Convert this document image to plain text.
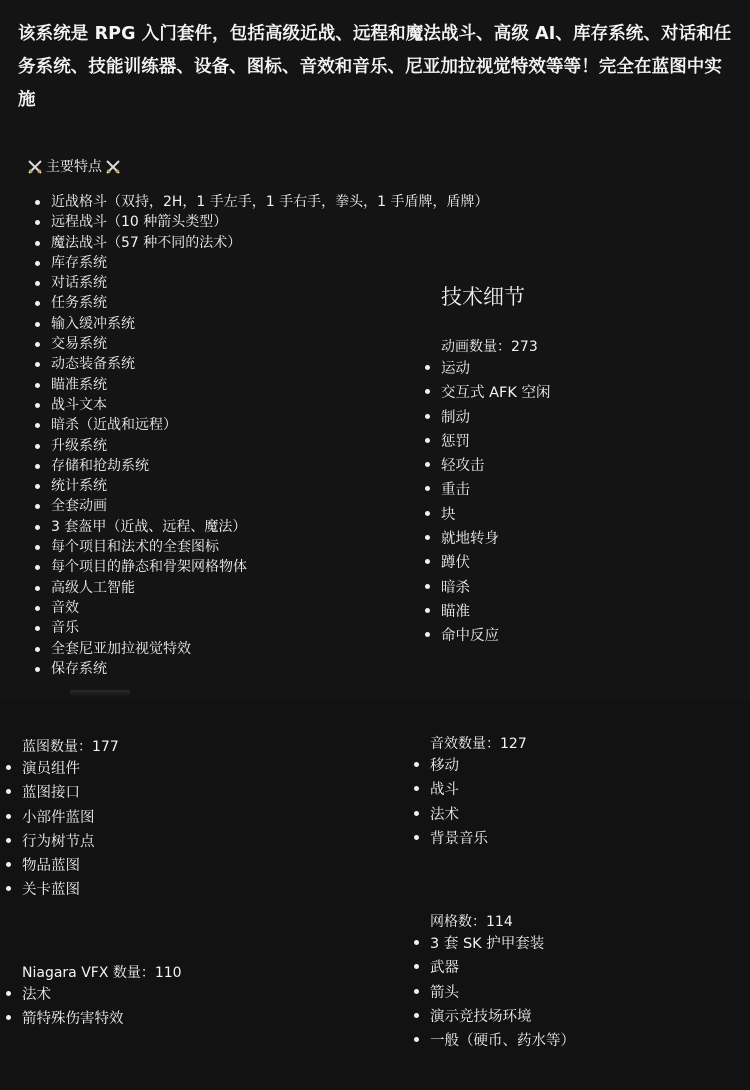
该系统是 RPG 入门套件，包括高级近战、远程和魔法战斗、高级 AI、库存系统、对话和任务系统、技能训练器、设备、图标、音效和音乐、尼亚加拉视觉特效等等！完全在蓝图中实施
主要特点
近战格斗（双持，2H，1 手左手，1 手右手，拳头，1 手盾牌，盾牌）
远程战斗（10 种箭头类型）
魔法战斗（57 种不同的法术）
库存系统
对话系统
任务系统
输入缓冲系统
交易系统
动态装备系统
瞄准系统
战斗文本
暗杀（近战和远程）
升级系统
存储和抢劫系统
统计系统
全套动画
3 套盔甲（近战、远程、魔法）
每个项目和法术的全套图标
每个项目的静态和骨架网格物体
高级人工智能
音效
音乐
全套尼亚加拉视觉特效
保存系统
技术细节

动画数量：273

运动
交互式 AFK 空闲
制动
惩罚
轻攻击
重击
块
就地转身
蹲伏
暗杀
瞄准
命中反应

蓝图数量：177

演员组件
蓝图接口
小部件蓝图
行为树节点
物品蓝图
关卡蓝图

音效数量：127

移动
战斗
法术
背景音乐

Niagara VFX 数量：110

法术
箭特殊伤害特效

网格数：114

3 套 SK 护甲套装
武器
箭头
演示竞技场环境
一般（硬币、药水等）
